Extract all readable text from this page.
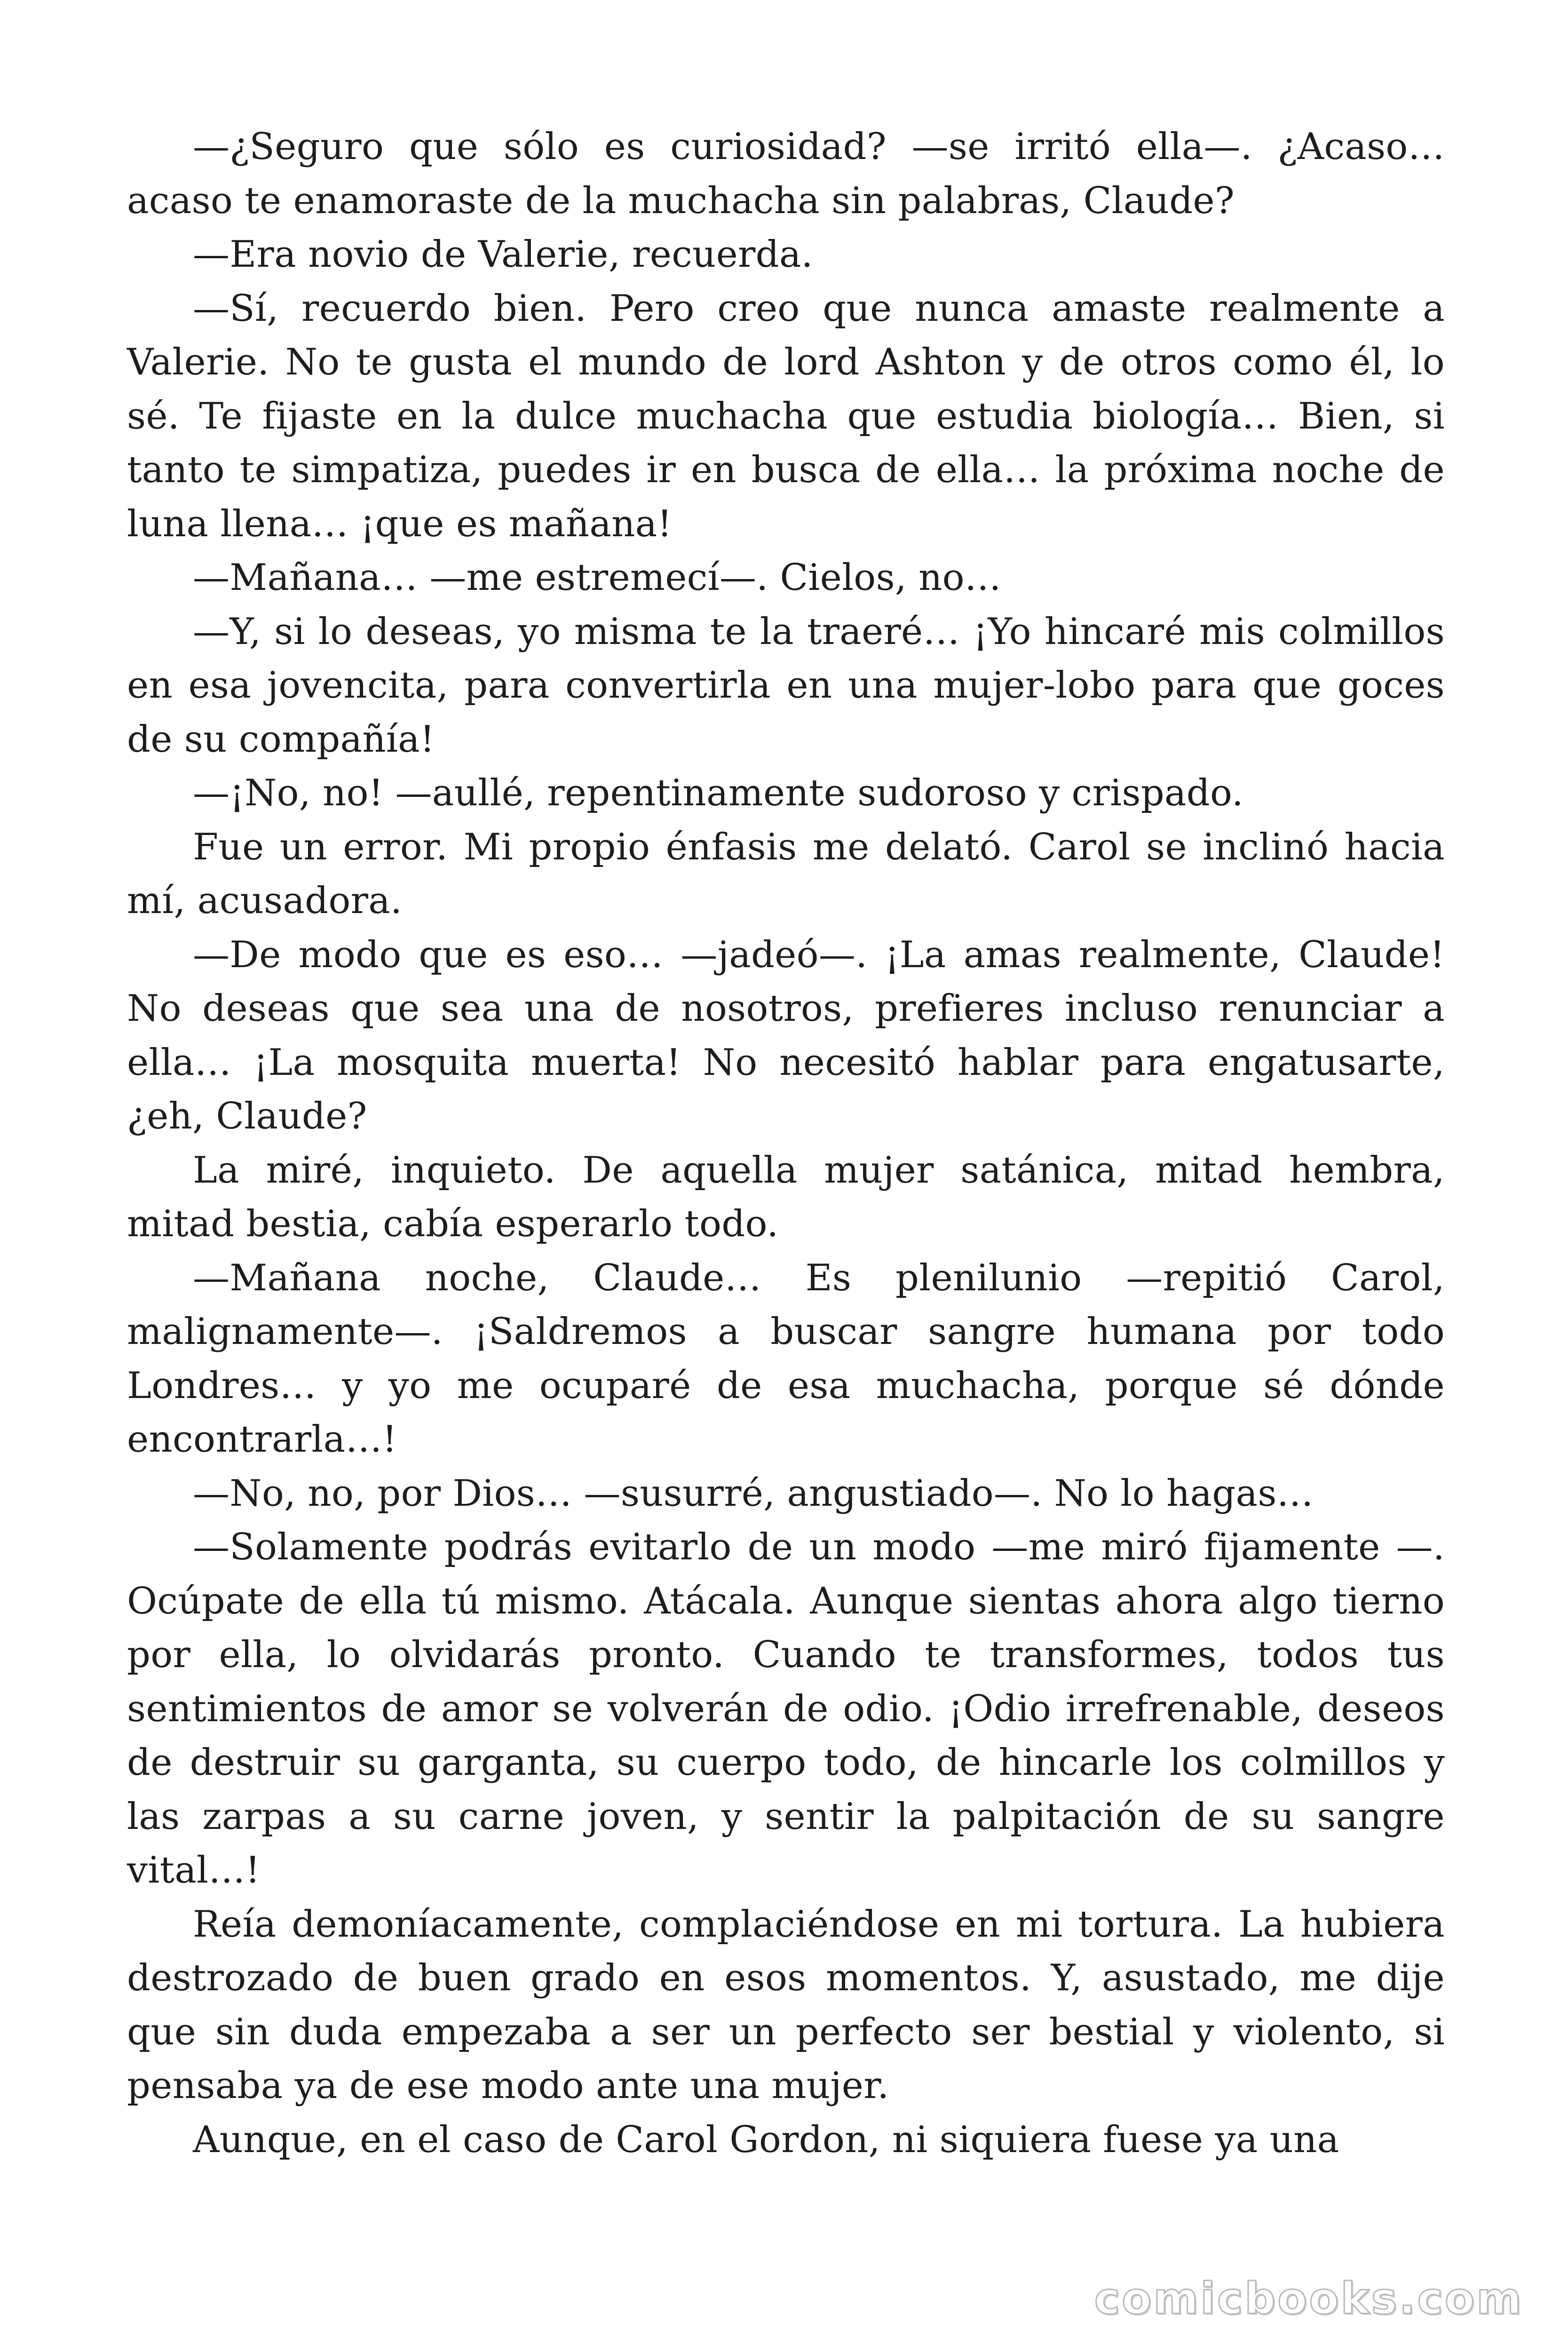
—¿Seguro que sólo es curiosidad? —se irritó ella—. ¿Acaso… acaso te enamoraste de la muchacha sin palabras, Claude?

—Era novio de Valerie, recuerda.

—Sí, recuerdo bien. Pero creo que nunca amaste realmente a Valerie. No te gusta el mundo de lord Ashton y de otros como él, lo sé. Te fijaste en la dulce muchacha que estudia biología… Bien, si tanto te simpatiza, puedes ir en busca de ella… la próxima noche de luna llena… ¡que es mañana!

—Mañana… —me estremecí—. Cielos, no…

—Y, si lo deseas, yo misma te la traeré… ¡Yo hincaré mis colmillos en esa jovencita, para convertirla en una mujer-lobo para que goces de su compañía!

—¡No, no! —aullé, repentinamente sudoroso y crispado.

Fue un error. Mi propio énfasis me delató. Carol se inclinó hacia mí, acusadora.

—De modo que es eso… —jadeó—. ¡La amas realmente, Claude! No deseas que sea una de nosotros, prefieres incluso renunciar a ella… ¡La mosquita muerta! No necesitó hablar para engatusarte, ¿eh, Claude?

La miré, inquieto. De aquella mujer satánica, mitad hembra, mitad bestia, cabía esperarlo todo.

—Mañana noche, Claude… Es plenilunio —repitió Carol, malignamente—. ¡Saldremos a buscar sangre humana por todo Londres… y yo me ocuparé de esa muchacha, porque sé dónde encontrarla…!

—No, no, por Dios… —susurré, angustiado—. No lo hagas…

—Solamente podrás evitarlo de un modo —me miró fijamente —. Ocúpate de ella tú mismo. Atácala. Aunque sientas ahora algo tierno por ella, lo olvidarás pronto. Cuando te transformes, todos tus sentimientos de amor se volverán de odio. ¡Odio irrefrenable, deseos de destruir su garganta, su cuerpo todo, de hincarle los colmillos y las zarpas a su carne joven, y sentir la palpitación de su sangre vital…!

Reía demoníacamente, complaciéndose en mi tortura. La hubiera destrozado de buen grado en esos momentos. Y, asustado, me dije que sin duda empezaba a ser un perfecto ser bestial y violento, si pensaba ya de ese modo ante una mujer.

Aunque, en el caso de Carol Gordon, ni siquiera fuese ya una

comicbooks.com
